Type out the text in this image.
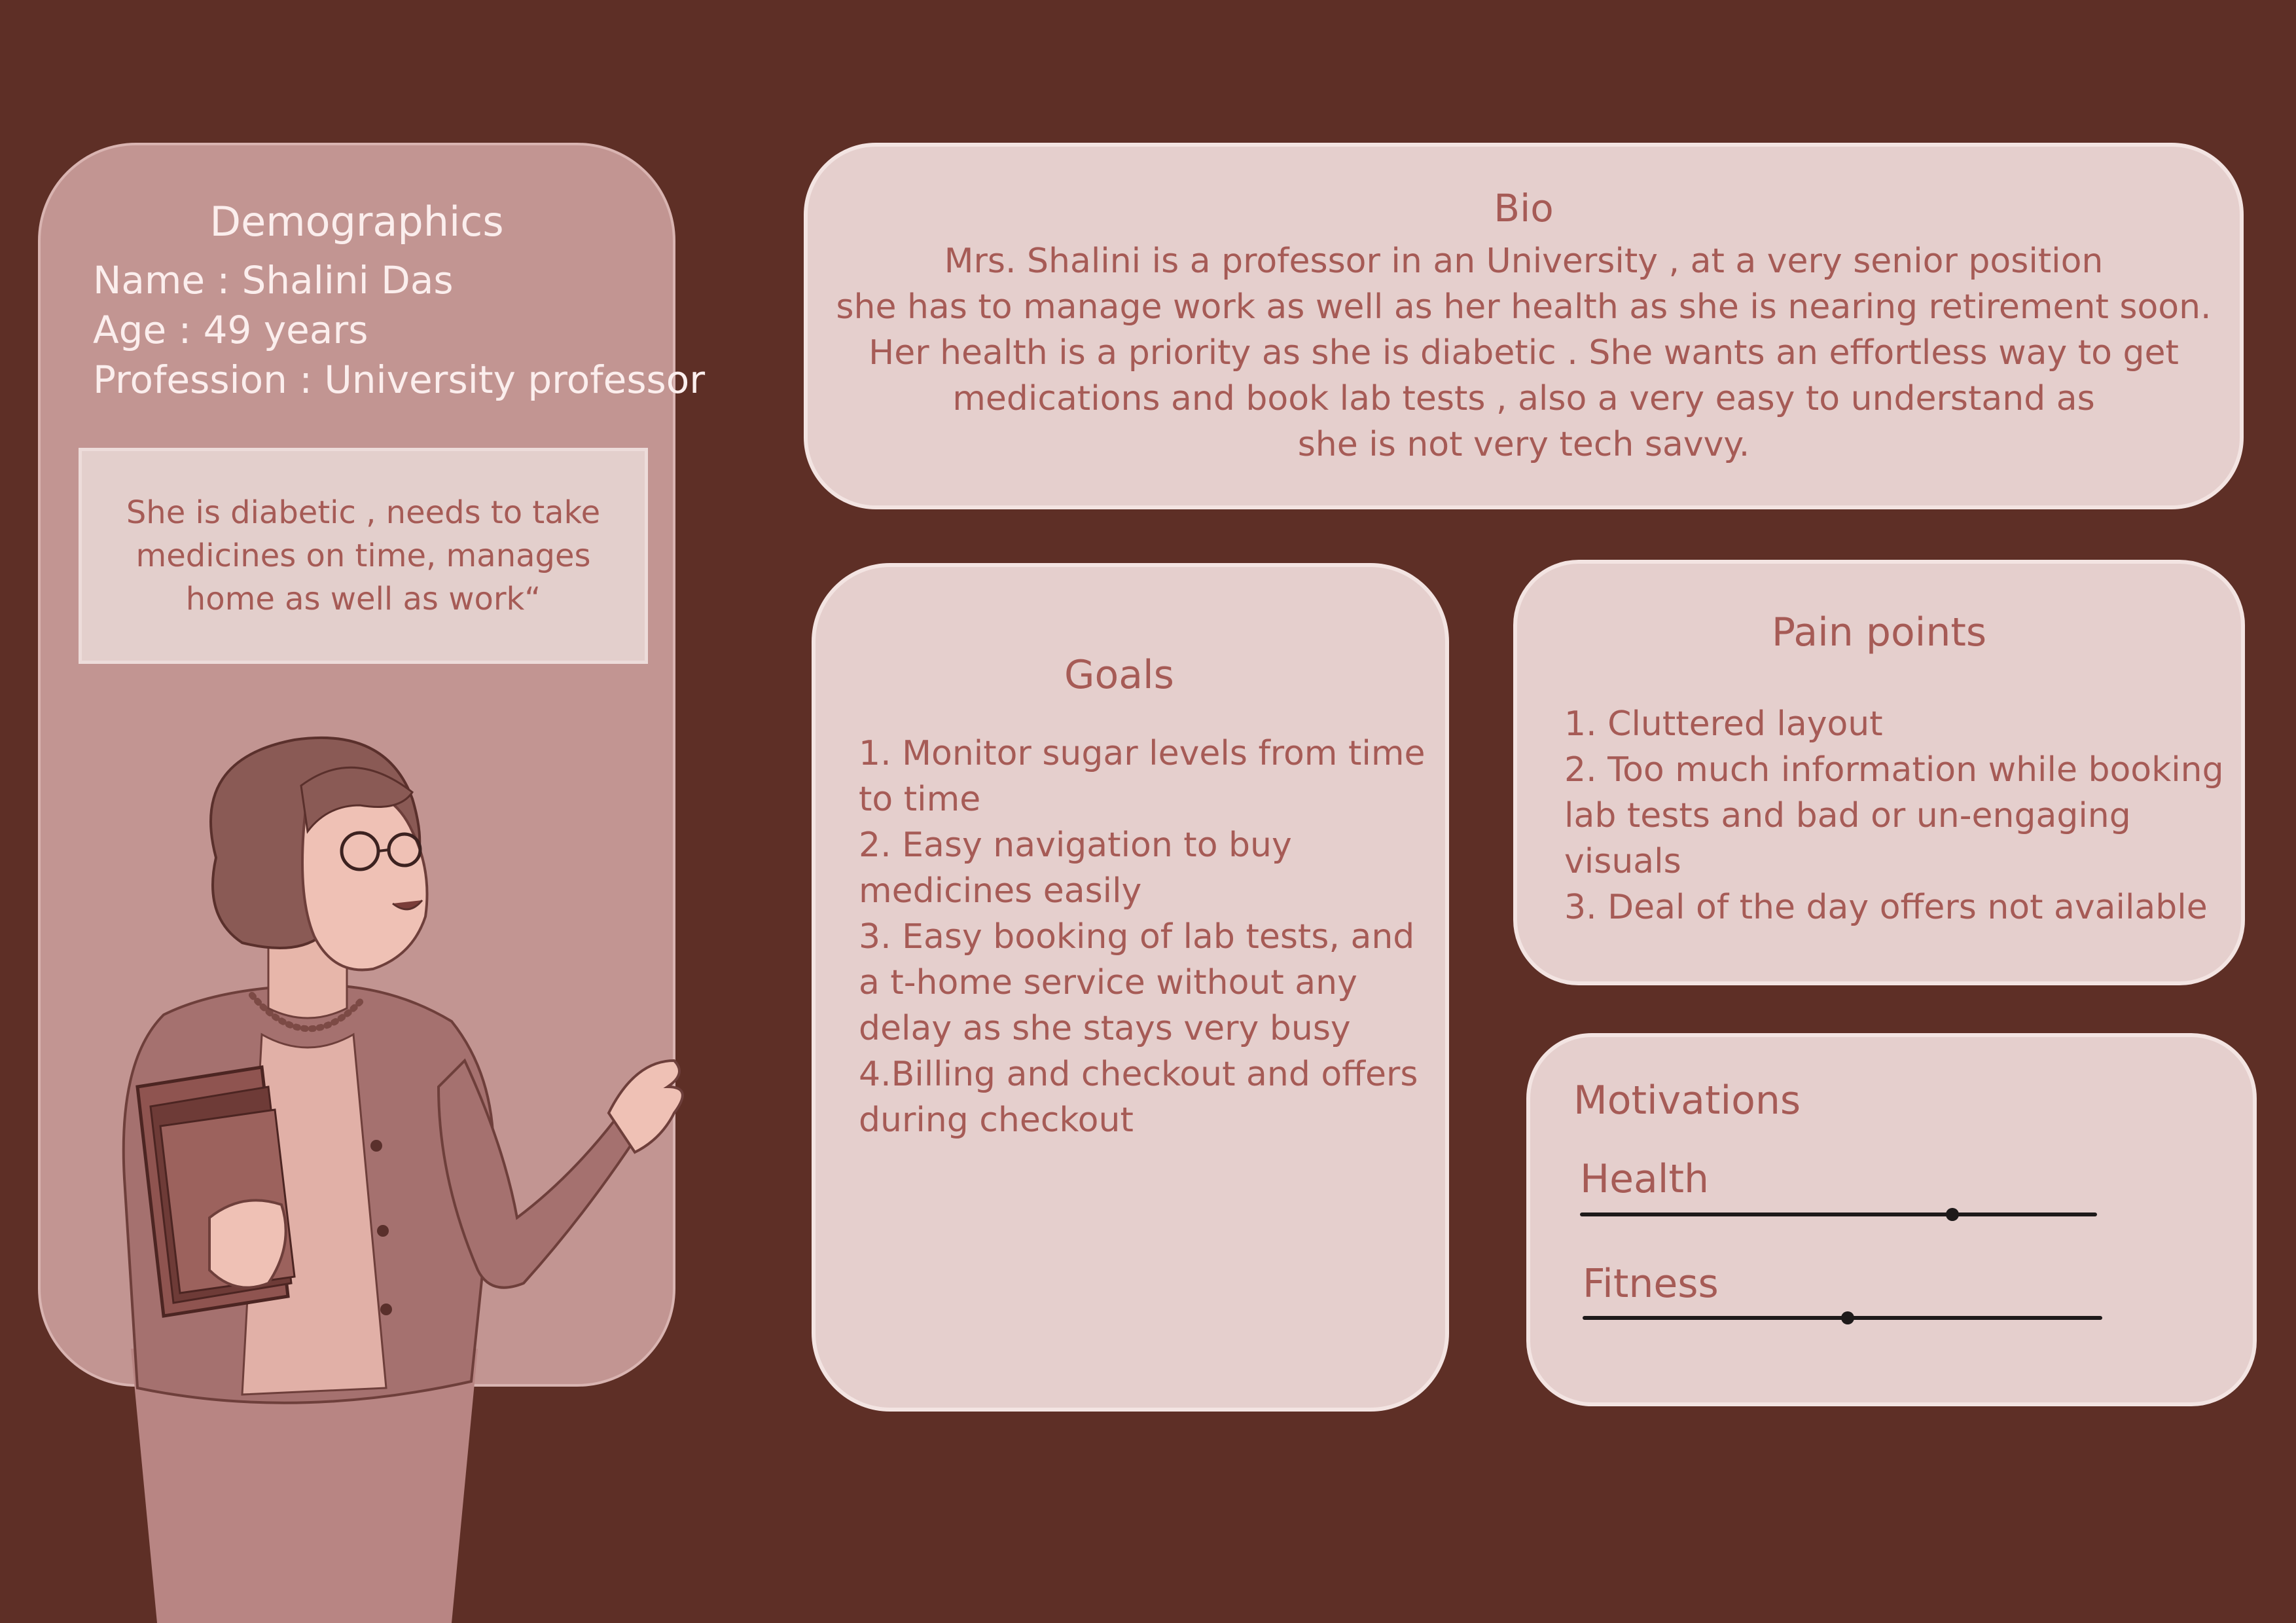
Demographics
Name : Shalini Das
Age : 49 years
Profession : University professor
She is diabetic , needs to take medicines on time, manages home as well as work“
Bio
Mrs. Shalini is a professor in an University , at a very senior position
she has to manage work as well as her health as she is nearing retirement soon.
Her health is a priority as she is diabetic . She wants an effortless way to get
medications and book lab tests , also a very easy to understand as
she is not very tech savvy.
Goals
1. Monitor sugar levels from time to time
2. Easy navigation to buy medicines easily
3. Easy booking of lab tests, and a t-home service without any delay as she stays very busy
4.Billing and checkout and offers during checkout
Pain points
1. Cluttered layout
2. Too much information while booking lab tests and bad or un-engaging visuals
3. Deal of the day offers not available
Motivations
Health
Fitness
